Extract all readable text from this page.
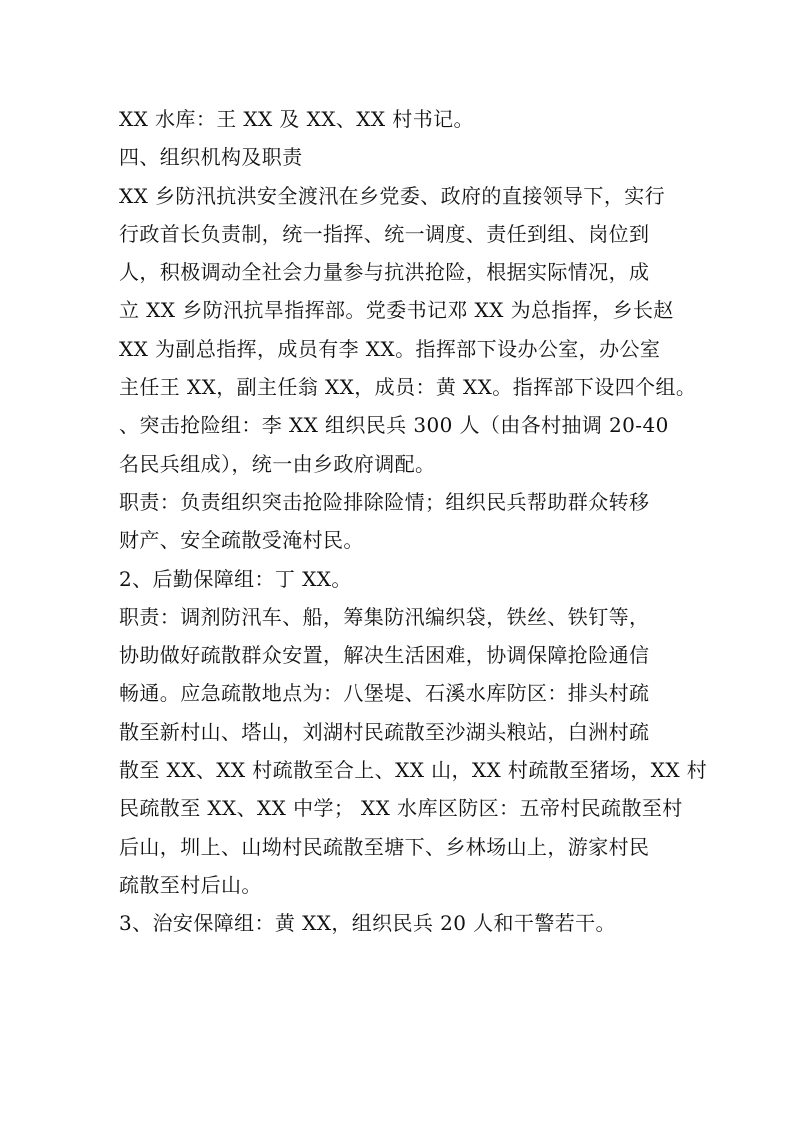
XX 水库：王 XX 及 XX、XX 村书记。
四、组织机构及职责
XX 乡防汛抗洪安全渡汛在乡党委、政府的直接领导下，实行
行政首长负责制，统一指挥、统一调度、责任到组、岗位到
人，积极调动全社会力量参与抗洪抢险，根据实际情况，成
立 XX 乡防汛抗旱指挥部。党委书记邓 XX 为总指挥，乡长赵
XX 为副总指挥，成员有李 XX。指挥部下设办公室，办公室
主任王 XX，副主任翁 XX，成员：黄 XX。指挥部下设四个组。
、突击抢险组：李 XX 组织民兵 300 人（由各村抽调 20-40
名民兵组成），统一由乡政府调配。
职责：负责组织突击抢险排除险情；组织民兵帮助群众转移
财产、安全疏散受淹村民。
2、后勤保障组：丁 XX。
职责：调剂防汛车、船，筹集防汛编织袋，铁丝、铁钉等，
协助做好疏散群众安置，解决生活困难，协调保障抢险通信
畅通。应急疏散地点为：八堡堤、石溪水库防区：排头村疏
散至新村山、塔山，刘湖村民疏散至沙湖头粮站，白洲村疏
散至 XX、XX 村疏散至合上、XX 山，XX 村疏散至猪场，XX 村
民疏散至 XX、XX 中学； XX 水库区防区：五帝村民疏散至村
后山，圳上、山坳村民疏散至塘下、乡林场山上，游家村民
疏散至村后山。
3、治安保障组：黄 XX，组织民兵 20 人和干警若干。
